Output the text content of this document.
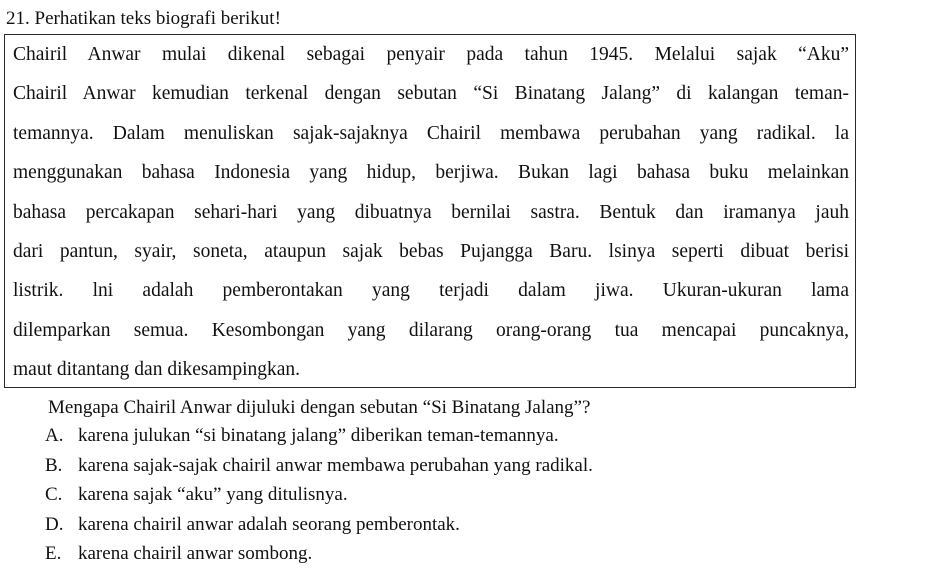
21. Perhatikan teks biografi berikut!
Chairil Anwar mulai dikenal sebagai penyair pada tahun 1945. Melalui sajak “Aku”
Chairil Anwar kemudian terkenal dengan sebutan “Si Binatang Jalang” di kalangan teman-
temannya. Dalam menuliskan sajak-sajaknya Chairil membawa perubahan yang radikal. la
menggunakan bahasa Indonesia yang hidup, berjiwa. Bukan lagi bahasa buku melainkan
bahasa percakapan sehari-hari yang dibuatnya bernilai sastra. Bentuk dan iramanya jauh
dari pantun, syair, soneta, ataupun sajak bebas Pujangga Baru. lsinya seperti dibuat berisi
listrik. lni adalah pemberontakan yang terjadi dalam jiwa. Ukuran-ukuran lama
dilemparkan semua. Kesombongan yang dilarang orang-orang tua mencapai puncaknya,
maut ditantang dan dikesampingkan.
Mengapa Chairil Anwar dijuluki dengan sebutan “Si Binatang Jalang”?
A. karena julukan “si binatang jalang” diberikan teman-temannya.
B. karena sajak-sajak chairil anwar membawa perubahan yang radikal.
C. karena sajak “aku” yang ditulisnya.
D. karena chairil anwar adalah seorang pemberontak.
E. karena chairil anwar sombong.
